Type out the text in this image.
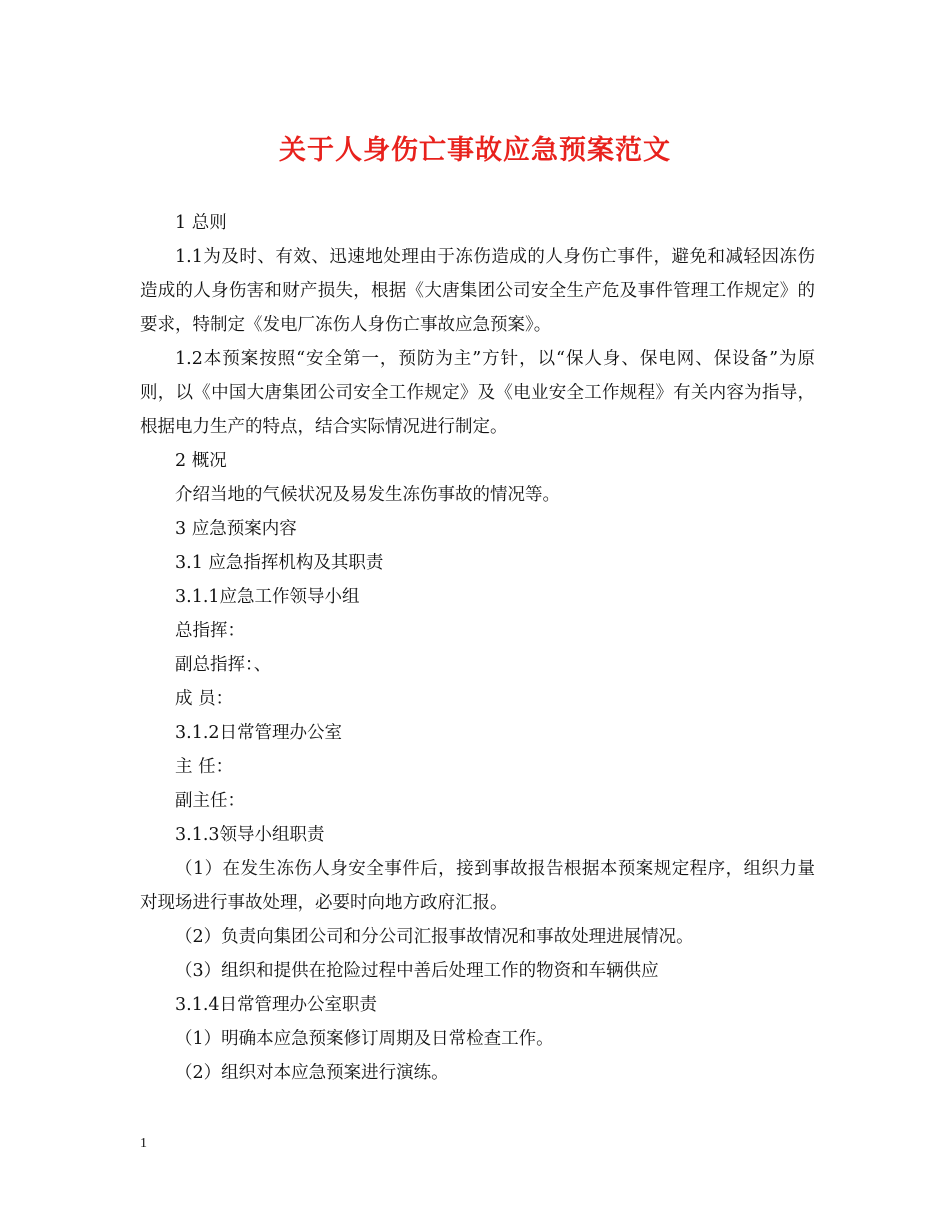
关于人身伤亡事故应急预案范文

1 总则

1.1为及时、有效、迅速地处理由于冻伤造成的人身伤亡事件，避免和减轻因冻伤造成的人身伤害和财产损失，根据《大唐集团公司安全生产危及事件管理工作规定》的要求，特制定《发电厂冻伤人身伤亡事故应急预案》。

1.2本预案按照“安全第一，预防为主”方针，以“保人身、保电网、保设备”为原则，以《中国大唐集团公司安全工作规定》及《电业安全工作规程》有关内容为指导，根据电力生产的特点，结合实际情况进行制定。

2 概况

介绍当地的气候状况及易发生冻伤事故的情况等。

3 应急预案内容

3.1 应急指挥机构及其职责

3.1.1应急工作领导小组

总指挥：

副总指挥：、

成 员：

3.1.2日常管理办公室

主 任：

副主任：

3.1.3领导小组职责

（1）在发生冻伤人身安全事件后，接到事故报告根据本预案规定程序，组织力量对现场进行事故处理，必要时向地方政府汇报。

（2）负责向集团公司和分公司汇报事故情况和事故处理进展情况。

（3）组织和提供在抢险过程中善后处理工作的物资和车辆供应

3.1.4日常管理办公室职责

（1）明确本应急预案修订周期及日常检查工作。

（2）组织对本应急预案进行演练。

1
